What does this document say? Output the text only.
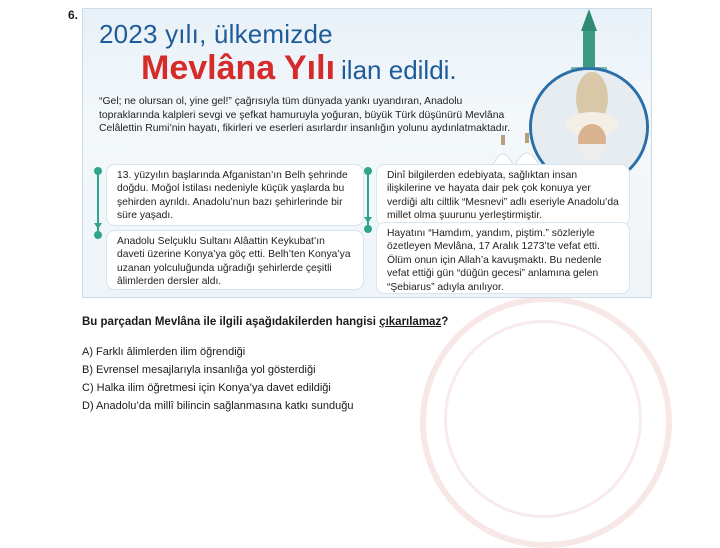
6.
2023 yılı, ülkemizde
Mevlâna Yılı ilan edildi.
“Gel; ne olursan ol, yine gel!” çağrısıyla tüm dünyada yankı uyandıran, Anadolu topraklarında kalpleri sevgi ve şefkat hamuruyla yoğuran, büyük Türk düşünürü Mevlâna Celâlettin Rumi’nin hayatı, fikirleri ve eserleri asırlardır insanlığın yolunu aydınlatmaktadır.
13. yüzyılın başlarında Afganistan’ın Belh şehrinde doğdu. Moğol İstilası nedeniyle küçük yaşlarda bu şehirden ayrıldı. Anadolu’nun bazı şehirlerinde bir süre yaşadı.
Anadolu Selçuklu Sultanı Alâattin Keykubat’ın daveti üzerine Konya’ya göç etti. Belh’ten Konya’ya uzanan yolculuğunda uğradığı şehirlerde çeşitli âlimlerden dersler aldı.
Dinî bilgilerden edebiyata, sağlıktan insan ilişkilerine ve hayata dair pek çok konuya yer verdiği altı ciltlik “Mesnevi” adlı eseriyle Anadolu’da millet olma şuurunu yerleştirmiştir.
Hayatını “Hamdım, yandım, piştim.” sözleriyle özetleyen Mevlâna, 17 Aralık 1273’te vefat etti. Ölüm onun için Allah’a kavuşmaktı. Bu nedenle vefat ettiği gün “düğün gecesi” anlamına gelen “Şebiarus” adıyla anılıyor.
Bu parçadan Mevlâna ile ilgili aşağıdakilerden hangisi çıkarılamaz?
A) Farklı âlimlerden ilim öğrendiği
B) Evrensel mesajlarıyla insanlığa yol gösterdiği
C) Halka ilim öğretmesi için Konya’ya davet edildiği
D) Anadolu’da millî bilincin sağlanmasına katkı sunduğu
